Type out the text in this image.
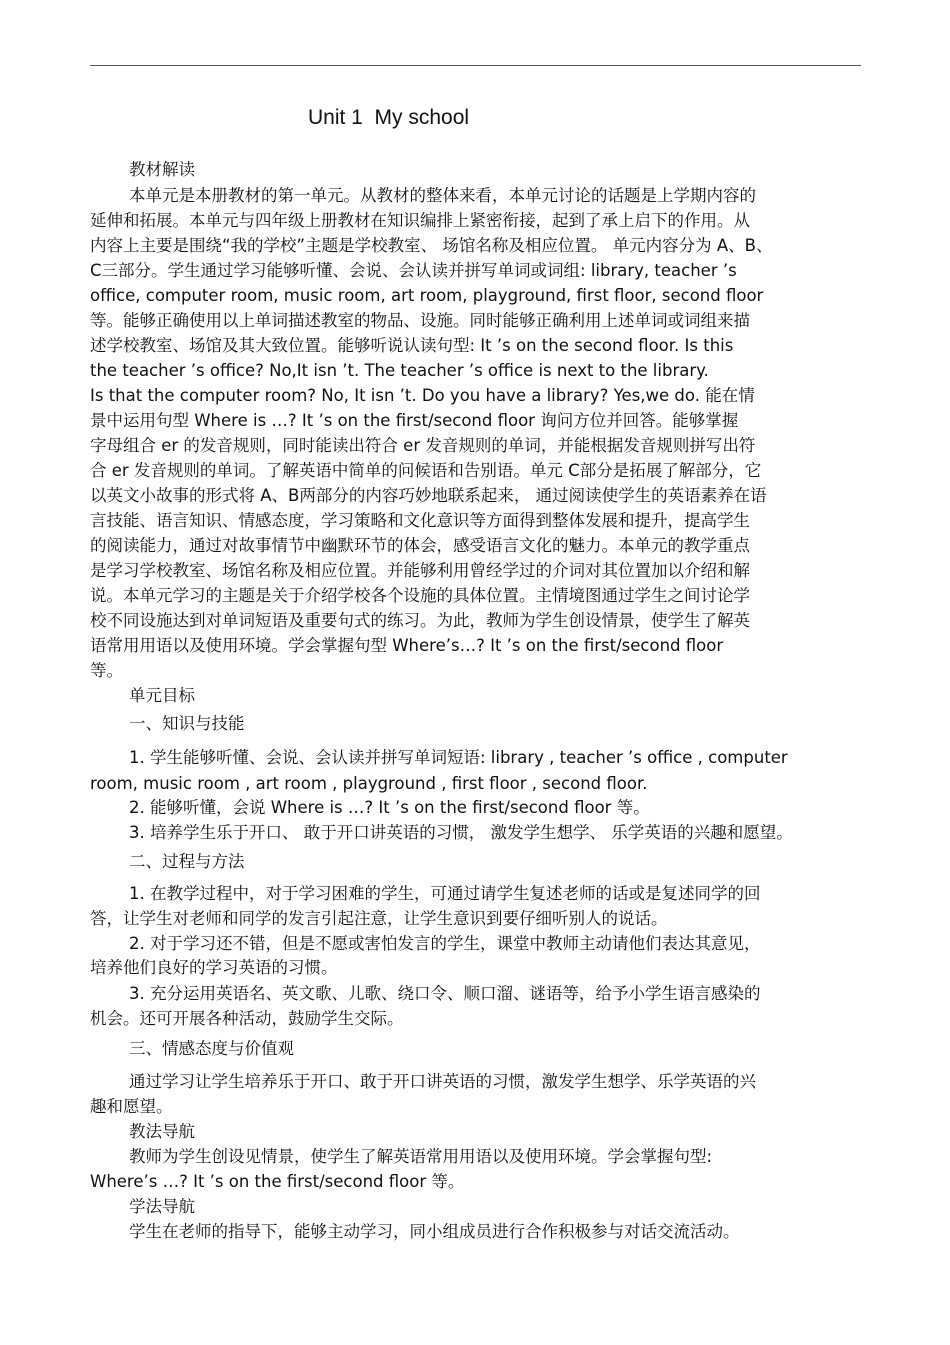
Unit 1  My school
教材解读
本单元是本册教材的第一单元。从教材的整体来看，本单元讨论的话题是上学期内容的
延伸和拓展。本单元与四年级上册教材在知识编排上紧密衔接，起到了承上启下的作用。从
内容上主要是围绕“我的学校”主题是学校教室、 场馆名称及相应位置。 单元内容分为 A、B、
C三部分。学生通过学习能够听懂、会说、会认读并拼写单词或词组: library, teacher ’s
office, computer room, music room, art room, playground, first floor, second floor
等。能够正确使用以上单词描述教室的物品、设施。同时能够正确利用上述单词或词组来描
述学校教室、场馆及其大致位置。能够听说认读句型: It ’s on the second floor. Is this
the teacher ’s office? No,It isn ’t. The teacher ’s office is next to the library.
Is that the computer room? No, It isn ’t. Do you have a library? Yes,we do. 能在情
景中运用句型 Where is …? It ’s on the first/second floor 询问方位并回答。能够掌握
字母组合 er 的发音规则，同时能读出符合 er 发音规则的单词，并能根据发音规则拼写出符
合 er 发音规则的单词。了解英语中简单的问候语和告别语。单元 C部分是拓展了解部分，它
以英文小故事的形式将 A、B两部分的内容巧妙地联系起来， 通过阅读使学生的英语素养在语
言技能、语言知识、情感态度，学习策略和文化意识等方面得到整体发展和提升，提高学生
的阅读能力，通过对故事情节中幽默环节的体会，感受语言文化的魅力。本单元的教学重点
是学习学校教室、场馆名称及相应位置。并能够利用曾经学过的介词对其位置加以介绍和解
说。本单元学习的主题是关于介绍学校各个设施的具体位置。主情境图通过学生之间讨论学
校不同设施达到对单词短语及重要句式的练习。为此，教师为学生创设情景，使学生了解英
语常用用语以及使用环境。学会掌握句型 Where’s…? It ’s on the first/second floor
等。
单元目标
一、知识与技能
1. 学生能够听懂、会说、会认读并拼写单词短语: library , teacher ’s office , computer
room, music room , art room , playground , first floor , second floor.
2. 能够听懂，会说 Where is …? It ’s on the first/second floor 等。
3. 培养学生乐于开口、 敢于开口讲英语的习惯， 激发学生想学、 乐学英语的兴趣和愿望。
二、过程与方法
1. 在教学过程中，对于学习困难的学生，可通过请学生复述老师的话或是复述同学的回
答，让学生对老师和同学的发言引起注意，让学生意识到要仔细听别人的说话。
2. 对于学习还不错，但是不愿或害怕发言的学生，课堂中教师主动请他们表达其意见，
培养他们良好的学习英语的习惯。
3. 充分运用英语名、英文歌、儿歌、绕口令、顺口溜、谜语等，给予小学生语言感染的
机会。还可开展各种活动，鼓励学生交际。
三、情感态度与价值观
通过学习让学生培养乐于开口、敢于开口讲英语的习惯，激发学生想学、乐学英语的兴
趣和愿望。
教法导航
教师为学生创设见情景，使学生了解英语常用用语以及使用环境。学会掌握句型:
Where’s …? It ’s on the first/second floor 等。
学法导航
学生在老师的指导下，能够主动学习，同小组成员进行合作积极参与对话交流活动。
